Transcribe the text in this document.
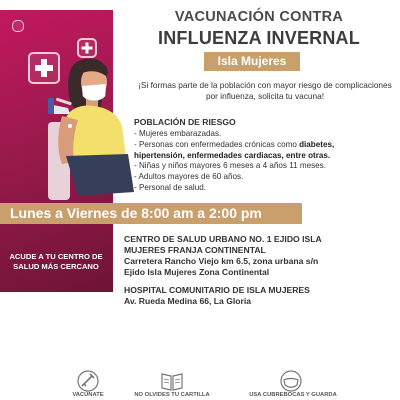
ACUDE A TU CENTRO DE SALUD MÁS CERCANO
VACUNACIÓN CONTRA
INFLUENZA INVERNAL
Isla Mujeres
¡Si formas parte de la población con mayor riesgo de complicaciones por influenza, solicita tu vacuna!
POBLACIÓN DE RIESGO
- Mujeres embarazadas.
- Personas con enfermedades crónicas como diabetes,
hipertensión, enfermedades cardiacas, entre otras.
- Niñas y niños mayores 6 meses a 4 años 11 meses.
- Adultos mayores de 60 años.
- Personal de salud.
Lunes a Viernes de 8:00 am a 2:00 pm
CENTRO DE SALUD URBANO NO. 1 EJIDO ISLA
MUJERES FRANJA CONTINENTAL
Carretera Rancho Viejo km 6.5, zona urbana s/n
Ejido Isla Mujeres Zona Continental
HOSPITAL COMUNITARIO DE ISLA MUJERES
Av. Rueda Medina 66, La Gloria
VACÚNATE	NO OLVIDES TU CARTILLA	USA CUBREBOCAS Y GUARDA
